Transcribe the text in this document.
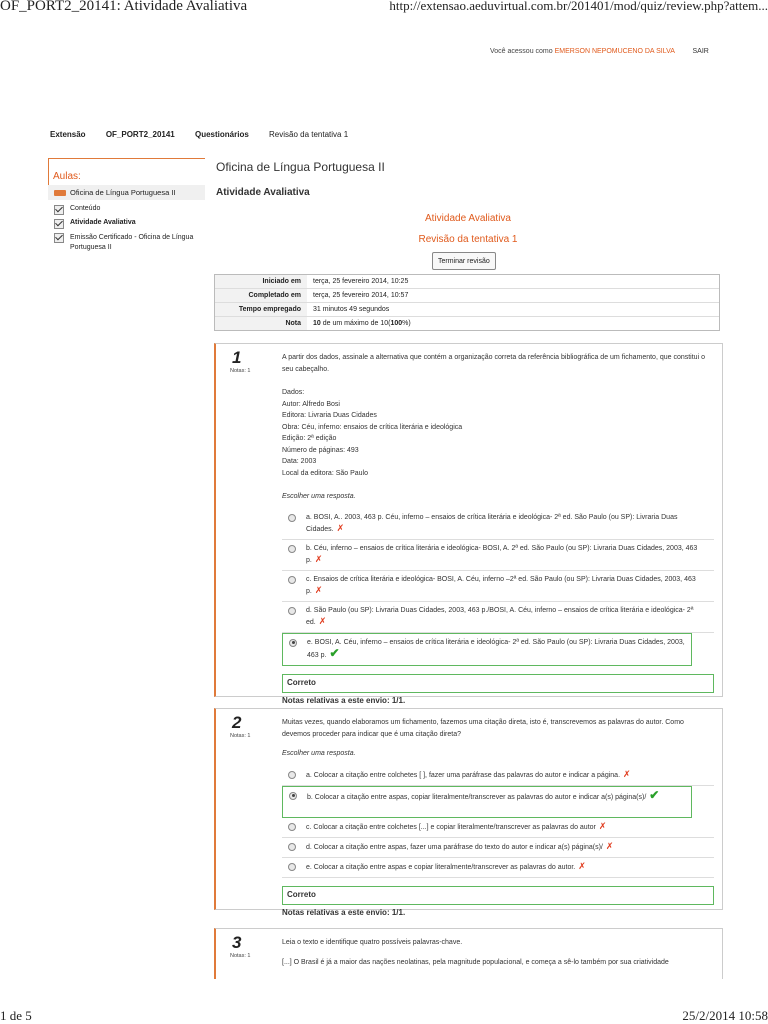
OF_PORT2_20141: Atividade Avaliativa	http://extensao.aeduvirtual.com.br/201401/mod/quiz/review.php?attem...
1 de 5	25/2/2014 10:58
Você acessou como EMERSON NEPOMUCENO DA SILVA	SAIR
Extensão	OF_PORT2_20141	Questionários	Revisão da tentativa 1
Aulas:
Oficina de Língua Portuguesa II
Conteúdo
Atividade Avaliativa
Emissão Certificado - Oficina de Língua Portuguesa II
Oficina de Língua Portuguesa II
Atividade Avaliativa
Atividade Avaliativa
Revisão da tentativa 1
Terminar revisão
Iniciado em	terça, 25 fevereiro 2014, 10:25
Completado em	terça, 25 fevereiro 2014, 10:57
Tempo empregado	31 minutos 49 segundos
Nota	10 de um máximo de 10(100%)
1
Notas: 1
A partir dos dados, assinale a alternativa que contém a organização correta da referência bibliográfica de um fichamento, que constitui o seu cabeçalho.
Dados:
Autor: Alfredo Bosi
Editora: Livraria Duas Cidades
Obra: Céu, inferno: ensaios de crítica literária e ideológica
Edição: 2ª edição
Número de páginas: 493
Data: 2003
Local da editora: São Paulo
Escolher uma resposta.
a. BOSI, A.. 2003, 463 p. Céu, inferno – ensaios de crítica literária e ideológica- 2ª ed. São Paulo (ou SP): Livraria Duas Cidades. ✗
b. Céu, inferno – ensaios de crítica literária e ideológica- BOSI, A. 2ª ed. São Paulo (ou SP): Livraria Duas Cidades, 2003, 463 p. ✗
c. Ensaios de crítica literária e ideológica- BOSI, A. Céu, inferno –2ª ed. São Paulo (ou SP): Livraria Duas Cidades, 2003, 463 p. ✗
d. São Paulo (ou SP): Livraria Duas Cidades, 2003, 463 p./BOSI, A. Céu, inferno – ensaios de crítica literária e ideológica- 2ª ed. ✗
e. BOSI, A. Céu, inferno – ensaios de crítica literária e ideológica- 2ª ed. São Paulo (ou SP): Livraria Duas Cidades, 2003, 463 p. ✔
Correto
Notas relativas a este envio: 1/1.
2
Notas: 1
Muitas vezes, quando elaboramos um fichamento, fazemos uma citação direta, isto é, transcrevemos as palavras do autor. Como devemos proceder para indicar que é uma citação direta?
Escolher uma resposta.
a. Colocar a citação entre colchetes [ ], fazer uma paráfrase das palavras do autor e indicar a página. ✗
b. Colocar a citação entre aspas, copiar literalmente/transcrever as palavras do autor e indicar a(s) página(s)/ ✔
c. Colocar a citação entre colchetes [...] e copiar literalmente/transcrever as palavras do autor ✗
d. Colocar a citação entre aspas, fazer uma paráfrase do texto do autor e indicar a(s) página(s)/ ✗
e. Colocar a citação entre aspas e copiar literalmente/transcrever as palavras do autor. ✗
Correto
Notas relativas a este envio: 1/1.
3
Notas: 1
Leia o texto e identifique quatro possíveis palavras-chave.
[...] O Brasil é já a maior das nações neolatinas, pela magnitude populacional, e começa a sê-lo também por sua criatividade
